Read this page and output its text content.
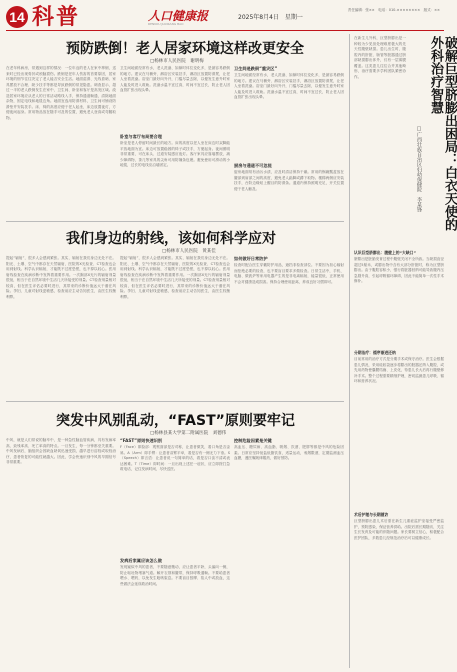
14 科普	人口健康报
RENKOU JIANKANG BAO
2025年8月4日　星期一
责任编辑：张××　电话：010-××××××××　版式：××
预防跌倒！老人居家环境这样改更安全
□杨林市人民医院　谢明梅
在老年科病房，常遇到这样的情况：一位年迈的老人在家中摔倒，送来时已经出现骨折或颅脑损伤。跌倒是老年人伤害的首要原因，居家环境的细节往往决定了老人能否安全生活。地面湿滑、光线昏暗、家具摆放不合理、缺少扶手等都是导致跌倒的常见隐患。调查显示，超过一半的老人跌倒发生在家中，卫生间、卧室和客厅是高发区域。改造居家环境应从老人的日常活动路线入手，保持通道畅通，清除地面杂物，固定电线和地毯边角。地面宜选用防滑材料，卫生间可铺设防滑垫并安装扶手。床、椅的高度应便于老人起坐，床边放置夜灯，方便夜间起身。常用物品放在随手可及的位置，避免老人登高或弯腰取物。
卫生间地面经常有水，老人洗澡、如厕时体位变化多，是最容易跌倒的地方。建议在马桶旁、淋浴区安装扶手，淋浴区放置防滑凳，让老人坐着洗澡。浴室门最好向外开，门槛尽量去除，以便发生意外时家人能及时进入救助。洗澡水温不宜过高，时间不宜过长，防止老人因血管扩张出现头晕。
卧室与客厅布局要合理
卧室是老人停留时间最长的地方。床的高度以老人坐在床边时双脚能平放地面为宜。床边可放置稳固的椅子或扶手，方便起身。夜间照明非常重要，可在床头、过道安装感应夜灯。客厅家具应靠墙摆放，减少障碍物，茶几等家具的尖角可用防撞条包裹。避免使用可滑动的小地毯，过长的电线应沿墙固定。
卫生间是跌倒“重灾区”
卫生间地面经常有水，老人洗澡、如厕时体位变化多，是最容易跌倒的地方。建议在马桶旁、淋浴区安装扶手，淋浴区放置防滑凳，让老人坐着洗澡。浴室门最好向外开，门槛尽量去除，以便发生意外时家人能及时进入救助。洗澡水温不宜过高，时间不宜过长，防止老人因血管扩张出现头晕。
厨房与通道不可忽视
厨房地面易有油污水渍，应及时清洁保持干燥。常用的锅碗瓢盆放在腰部到肩部之间的高度，避免老人踮脚或蹲下取物。楼梯两侧应安装扶手，台阶边缘贴上醒目的防滑条。通道内保持照明充足，开关位置便于老人触及。
我们身边的射线，该如何科学应对
□杨林市人民医院　黄某佳
提起“辐射”，很多人会感到紧张。其实，辐射在我们身边无处不在。阳光、土壤、空气中都存在天然辐射，医院的X光检查、CT检查也会用到射线。科学认识辐射，才能既不过度恐慌，也不掉以轻心。医用射线检查在疾病诊断中发挥着重要作用。一次胸部X光片的辐射剂量很低，相当于在自然环境中生活几天所接受的剂量。CT检查剂量相对较高，但在医生评估必要时进行，其带来的诊断价值远大于潜在风险。孕妇、儿童对射线更敏感，检查前应主动告知医生，由医生权衡利弊。
提起“辐射”，很多人会感到紧张。其实，辐射在我们身边无处不在。阳光、土壤、空气中都存在天然辐射，医院的X光检查、CT检查也会用到射线。科学认识辐射，才能既不过度恐慌，也不掉以轻心。医用射线检查在疾病诊断中发挥着重要作用。一次胸部X光片的辐射剂量很低，相当于在自然环境中生活几天所接受的剂量。CT检查剂量相对较高，但在医生评估必要时进行，其带来的诊断价值远大于潜在风险。孕妇、儿童对射线更敏感，检查前应主动告知医生，由医生权衡利弊。
如何做好日常防护
检查时配合医生穿戴防护用品，遮挡非检查部位。不要因为担心辐射而拒绝必要的检查，也不要盲目要求多做检查。日常生活中，手机、电脑、微波炉等家用电器产生的是非电离辐射，能量很低，正常使用不会对健康造成损害。保持合理使用距离，养成良好习惯即可。
突发中风别乱动，“FAST”原则要牢记
□杨林县某大学第二附属医院　刘德伟
中风，就是人们常说的脑卒中，是一种急性脑血管疾病，具有发病率高、致残率高、死亡率高的特点。一旦发生，每一分钟都至关重要。中风发病后，脑组织会因缺血缺氧迅速受损，越早进行溶栓或取栓治疗，患者恢复的可能性就越大。因此，学会快速识别中风的早期信号非常重要。
“FAST”原则快速识别
F（Face）即脸部：观察面部是否对称，让患者微笑，看口角是否歪斜。A（Arm）即手臂：让患者双臂平举，看是否有一侧无力下垂。S（Speech）即言语：让患者说一句简单的话，看是否口齿不清或表达困难。T（Time）即时间：一旦出现上述任一症状，应立即拨打急救电话，记住发病时间，尽快送医。
发病后家属应该怎么做
发现疑似中风的患者，不要随意搬动，应让患者平卧，头偏向一侧，防止呕吐物堵塞气道。解开衣领和腰带，保持呼吸通畅。不要给患者喂水、喂药，以免发生呛咳窒息。不要盲目按摩、掐人中或放血，这些做法会延误救治时间。
控制危险因素是关键
高血压、糖尿病、高血脂、吸烟、饮酒、肥胖等都是中风的危险因素。日常应坚持低盐低脂饮食，适量运动，戒烟限酒，定期监测血压血糖，遵医嘱规律服药，做好预防。
破解巨型脐膨出困局：白衣天使的外科治疗智慧
□广西壮族自治区妇幼保健院　李某锋
在新生儿外科，巨型脐膨出是一种较为少见但处理难度极大的先天性腹壁缺损。患儿出生时，腹腔内的肝脏、肠管等脏器通过脐部缺损膨出体外，仅有一层薄膜覆盖。这类患儿往往合并其他畸形，治疗需要多学科团队紧密协作。
认识巨型脐膨出：腹壁上的“大缺口”
脐膨出是胚胎发育过程中腹壁关闭不全所致。当缺损直径超过5厘米，或膨出物中含有大部分肝脏时，称为巨型脐膨出。由于腹腔容积小，强行将脏器回纳可能导致腹内压急剧升高，引起呼吸循环障碍，因此不能简单一次性手术修补。
分期治疗：循序渐进还纳
目前常用的治疗方式是分期手术或保守治疗。医生会根据患儿情况，采用硅胶袋逐步将膨出的脏器还纳入腹腔，或先用药物使囊膜结痂、上皮化，待患儿长大后再行腹壁修补手术。整个过程需要精细护理，密切监测患儿呼吸、循环和营养状况。
术后护理与长期随访
巨型脐膨出患儿术后需在新生儿重症监护室接受严密监护，预防感染，保证营养供给。出院后需长期随访，关注生长发育及可能的伴随问题。家长要树立信心，积极配合医护团队，多数患儿经规范治疗后可以健康成长。
